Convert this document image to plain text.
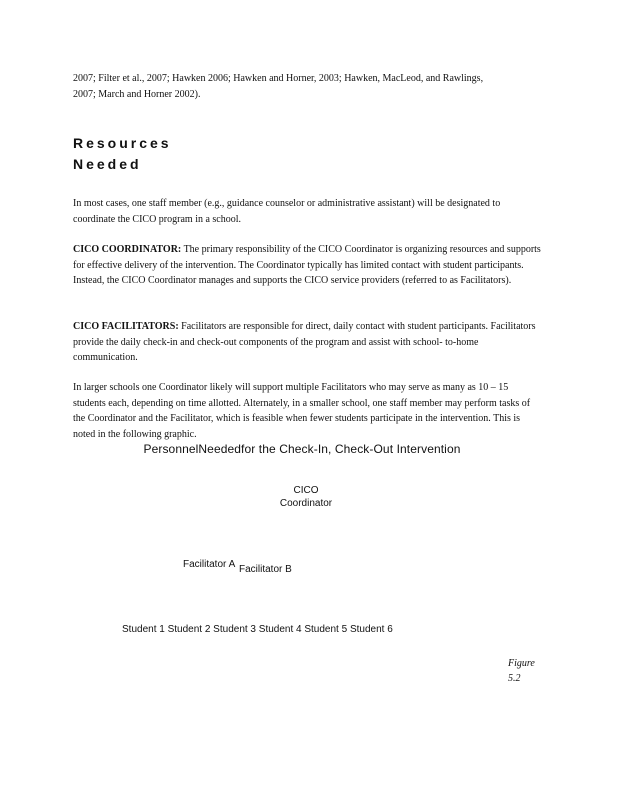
2007; Filter et al., 2007; Hawken 2006; Hawken and Horner, 2003; Hawken, MacLeod, and Rawlings,
2007; March and Horner 2002).
Resources
Needed
In most cases, one staff member (e.g., guidance counselor or administrative assistant) will be designated to coordinate the CICO program in a school.
CICO COORDINATOR: The primary responsibility of the CICO Coordinator is organizing resources and supports for effective delivery of the intervention. The Coordinator typically has limited contact with student participants. Instead, the CICO Coordinator manages and supports the CICO service providers (referred to as Facilitators).
CICO FACILITATORS: Facilitators are responsible for direct, daily contact with student participants. Facilitators provide the daily check-in and check-out components of the program and assist with school- to-home communication.
In larger schools one Coordinator likely will support multiple Facilitators who may serve as many as 10 – 15 students each, depending on time allotted. Alternately, in a smaller school, one staff member may perform tasks of the Coordinator and the Facilitator, which is feasible when fewer students participate in the intervention. This is noted in the following graphic.
PersonnelNeededfor the Check-In, Check-Out Intervention
CICO
Coordinator
Facilitator A Facilitator B
Student 1 Student 2 Student 3 Student 4 Student 5 Student 6
Figure
5.2
